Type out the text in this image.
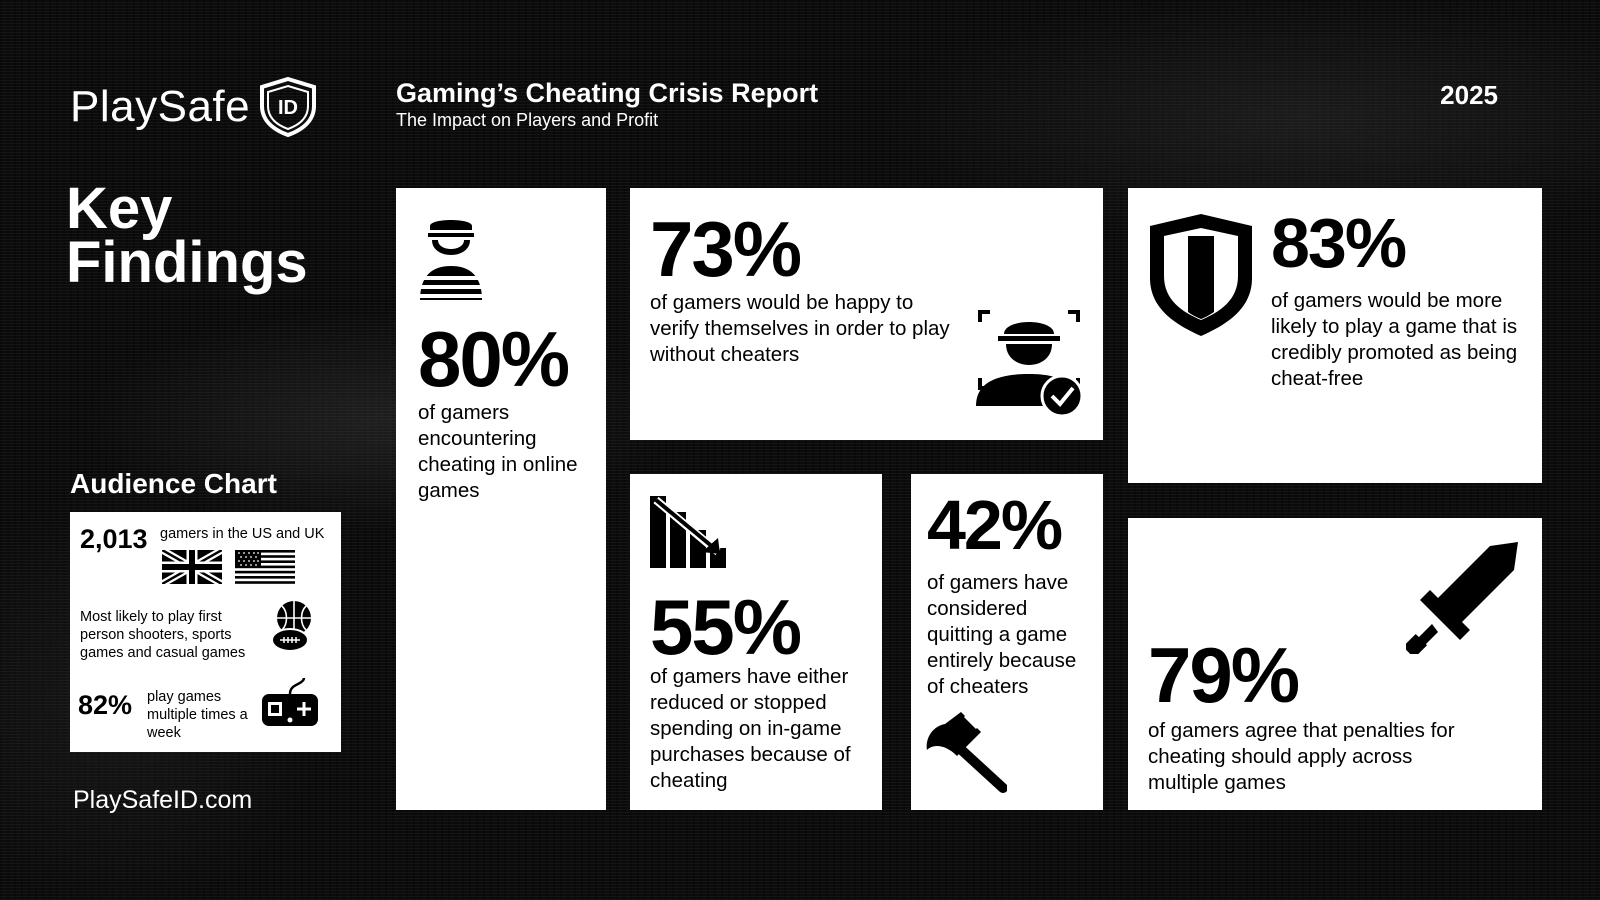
PlaySafe ID	Gaming’s Cheating Crisis Report
The Impact on Players and Profit
2025
Key
Findings
Audience Chart
2,013 gamers in the US and UK
Most likely to play first person shooters, sports games and casual games
82% play games multiple times a week
PlaySafeID.com
80%
of gamers encountering cheating in online games
73%
of gamers would be happy to verify themselves in order to play without cheaters
83%
of gamers would be more likely to play a game that is credibly promoted as being cheat-free
55%
of gamers have either reduced or stopped spending on in-game purchases because of cheating
42%
of gamers have considered quitting a game entirely because of cheaters	79%
of gamers agree that penalties for cheating should apply across multiple games
